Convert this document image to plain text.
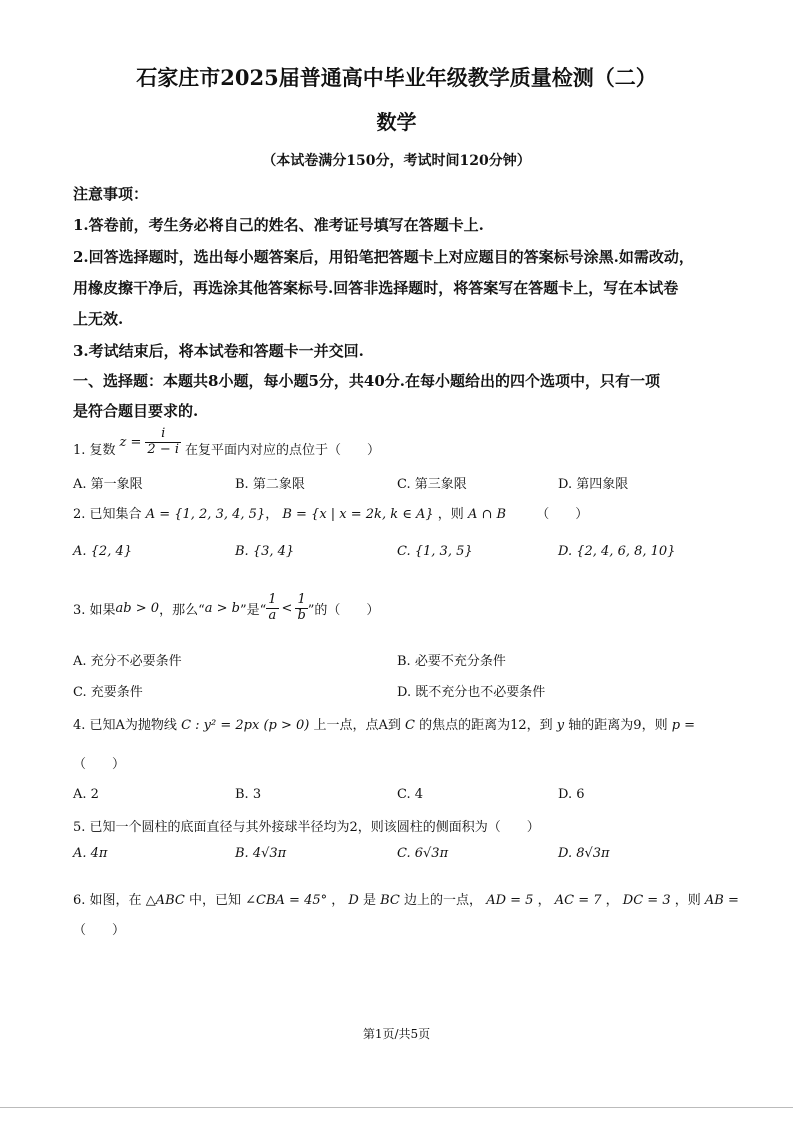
石家庄市2025届普通高中毕业年级教学质量检测（二）
数学
（本试卷满分150分，考试时间120分钟）
注意事项：
1.答卷前，考生务必将自己的姓名、准考证号填写在答题卡上.
2.回答选择题时，选出每小题答案后，用铅笔把答题卡上对应题目的答案标号涂黑.如需改动，
用橡皮擦干净后，再选涂其他答案标号.回答非选择题时，将答案写在答题卡上，写在本试卷
上无效.
3.考试结束后，将本试卷和答题卡一并交回.
一、选择题：本题共8小题，每小题5分，共40分.在每小题给出的四个选项中，只有一项
是符合题目要求的.
1. 复数
$z = \frac{i}{2 - i}$ 在复平面内对应的点位于（　　）
A. 第一象限	B. 第二象限	C. 第三象限	D. 第四象限
2. 已知集合 A = {1, 2, 3, 4, 5}， B = {x | x = 2k, k ∈ A} ，则 A ∩ B （　　）
A. {2, 4}	B. {3, 4}	C. {1, 3, 5}	D. {2, 4, 6, 8, 10}
3. 如果 ab > 0 ，那么“ a > b ”是“ $\frac{1}{a} < \frac{1}{b}$ ”的（　　）
A. 充分不必要条件	B. 必要不充分条件
C. 充要条件	D. 既不充分也不必要条件
4. 已知A为抛物线 C : y² = 2px (p > 0) 上一点，点A到 C 的焦点的距离为12，到 y 轴的距离为9，则 p =
（　　）
A. 2	B. 3	C. 4	D. 6
5. 已知一个圆柱的底面直径与其外接球半径均为2，则该圆柱的侧面积为（　　）
A. 4π	B. 4√3π	C. 6√3π	D. 8√3π
6. 如图，在 △ABC 中，已知 ∠CBA = 45° ， D 是 BC 边上的一点， AD = 5 ， AC = 7 ， DC = 3 ，则 AB =
（　　）
第1页/共5页
